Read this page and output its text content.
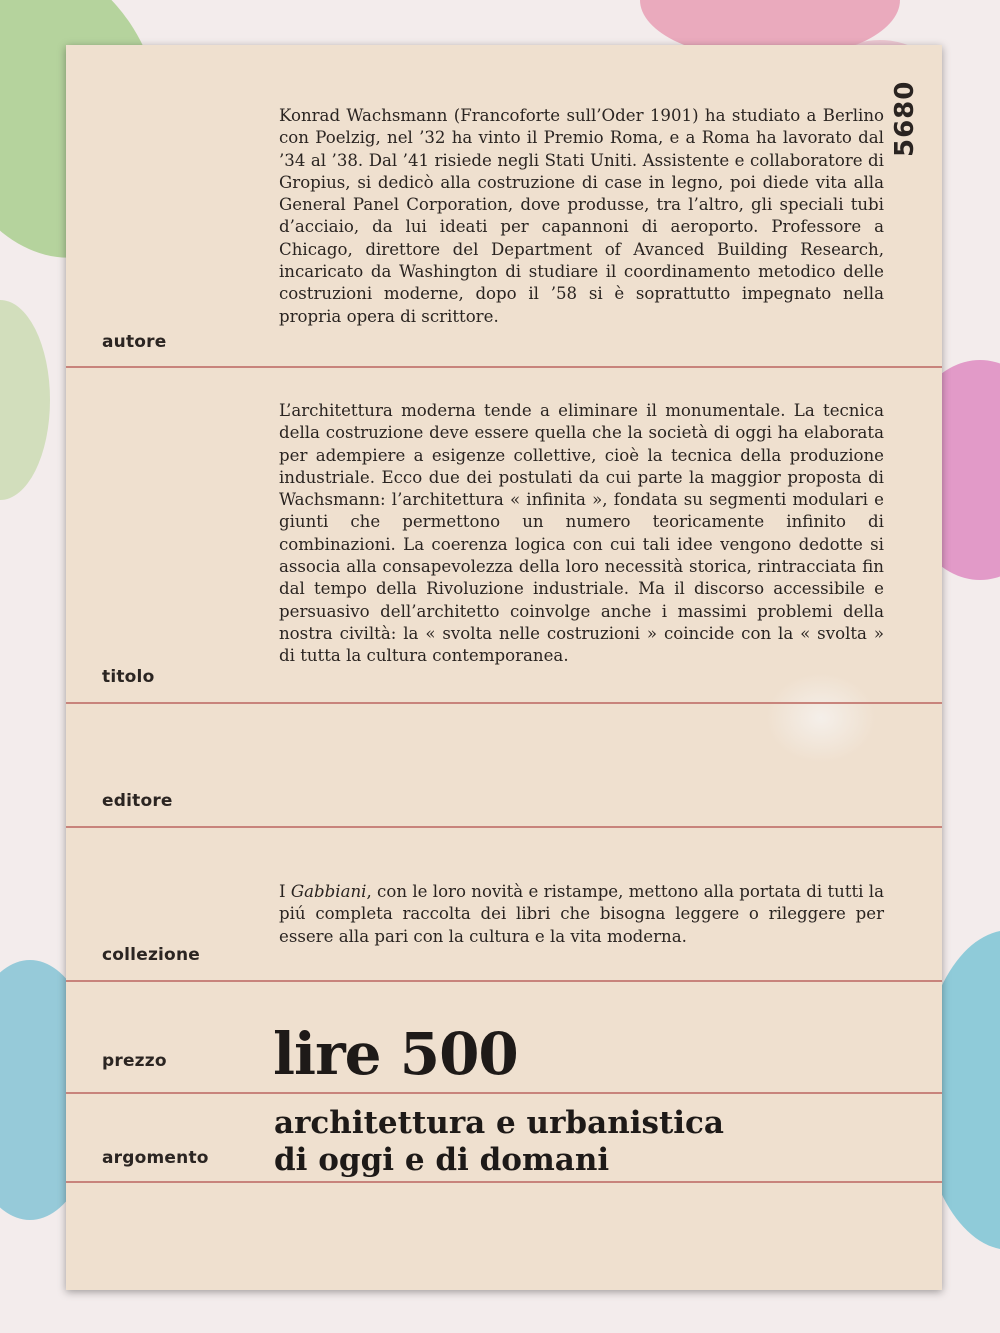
5680
Konrad Wachsmann (Francoforte sull’Oder 1901) ha studiato a Berlino con Poelzig, nel ’32 ha vinto il Premio Roma, e a Roma ha lavorato dal ’34 al ’38. Dal ’41 risiede negli Stati Uniti. Assistente e collaboratore di Gropius, si dedicò alla costruzione di case in legno, poi diede vita alla General Panel Corporation, dove produsse, tra l’altro, gli speciali tubi d’acciaio, da lui ideati per capannoni di aeroporto. Professore a Chicago, direttore del Department of Avanced Building Research, incaricato da Washington di studiare il coordinamento metodico delle costruzioni moderne, dopo il ’58 si è soprattutto impegnato nella propria opera di scrittore.
autore
L’architettura moderna tende a eliminare il monumentale. La tecnica della costruzione deve essere quella che la società di oggi ha elaborata per adempiere a esigenze collettive, cioè la tecnica della produzione industriale. Ecco due dei postulati da cui parte la maggior proposta di Wachsmann: l’architettura « infinita », fondata su segmenti modulari e giunti che permettono un numero teoricamente infinito di combinazioni. La coerenza logica con cui tali idee vengono dedotte si associa alla consapevolezza della loro necessità storica, rintracciata fin dal tempo della Rivoluzione industriale. Ma il discorso accessibile e persuasivo dell’architetto coinvolge anche i massimi problemi della nostra civiltà: la « svolta nelle costruzioni » coincide con la « svolta » di tutta la cultura contemporanea.
titolo
editore
I Gabbiani, con le loro novità e ristampe, mettono alla portata di tutti la piú completa raccolta dei libri che bisogna leggere o rileggere per essere alla pari con la cultura e la vita moderna.
collezione
lire 500
prezzo
architettura e urbanistica
di oggi e di domani
argomento
